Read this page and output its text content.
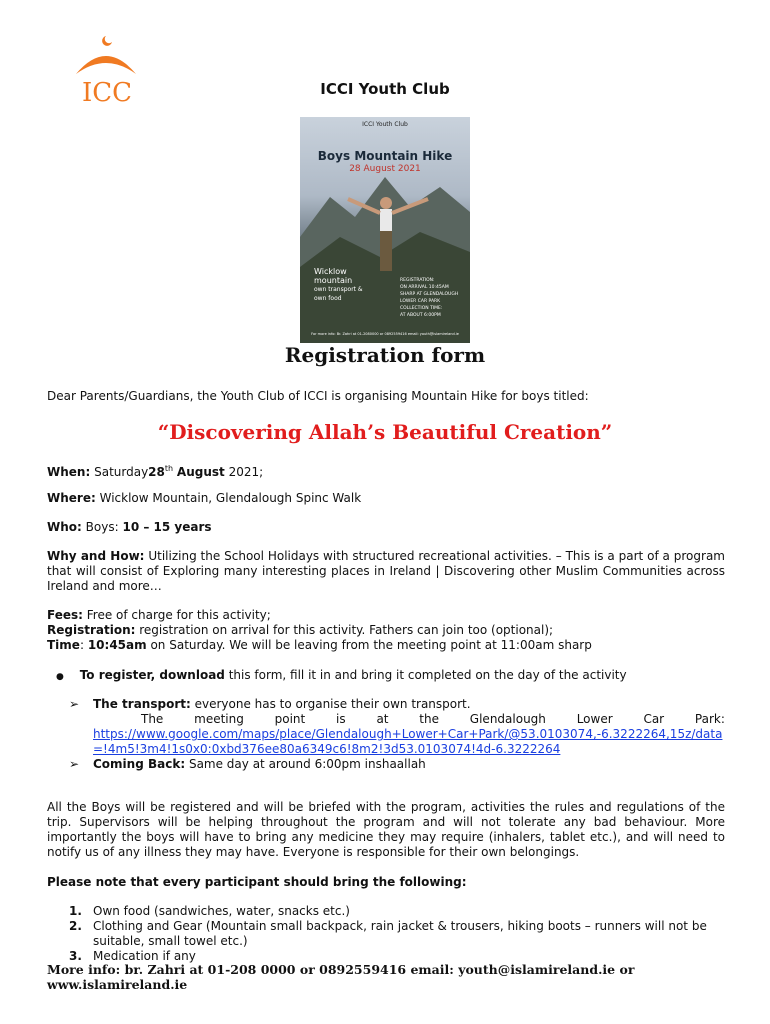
ICC	ICCI Youth Club
ICCI Youth Club
Boys Mountain Hike
28 August 2021
Wicklow
mountain
own transport &
own food
REGISTRATION:
ON ARRIVAL 10:45AM
SHARP AT GLENDALOUGH
LOWER CAR PARK
COLLECTION TIME:
AT ABOUT 6:00PM
For more info: Br. Zahri at 01-2080000 or 0892559416 email: youth@islamireland.ie
Registration form
Dear Parents/Guardians, the Youth Club of ICCI is organising Mountain Hike for boys titled:
“Discovering Allah’s Beautiful Creation”
When: Saturday28th August 2021;
Where: Wicklow Mountain, Glendalough Spinc Walk
Who: Boys: 10 – 15 years
Why and How: Utilizing the School Holidays with structured recreational activities. – This is a part of a program that will consist of Exploring many interesting places in Ireland | Discovering other Muslim Communities across Ireland and more…
Fees: Free of charge for this activity;
Registration: registration on arrival for this activity. Fathers can join too (optional);
Time: 10:45am on Saturday. We will be leaving from the meeting point at 11:00am sharp
● To register, download this form, fill it in and bring it completed on the day of the activity
➢ The transport: everyone has to organise their own transport.
The	meeting	point	is	at	the	Glendalough	Lower	Car	Park:
https://www.google.com/maps/place/Glendalough+Lower+Car+Park/@53.0103074,-6.3222264,15z/data=!4m5!3m4!1s0x0:0xbd376ee80a6349c6!8m2!3d53.0103074!4d-6.3222264
➢ Coming Back: Same day at around 6:00pm inshaallah
All the Boys will be registered and will be briefed with the program, activities the rules and regulations of the trip. Supervisors will be helping throughout the program and will not tolerate any bad behaviour. More importantly the boys will have to bring any medicine they may require (inhalers, tablet etc.), and will need to notify us of any illness they may have. Everyone is responsible for their own belongings.
Please note that every participant should bring the following:
1. Own food (sandwiches, water, snacks etc.)
2. Clothing and Gear (Mountain small backpack, rain jacket & trousers, hiking boots – runners will not be suitable, small towel etc.)
3. Medication if any
More info: br. Zahri at 01-208 0000 or 0892559416 email: youth@islamireland.ie or www.islamireland.ie
